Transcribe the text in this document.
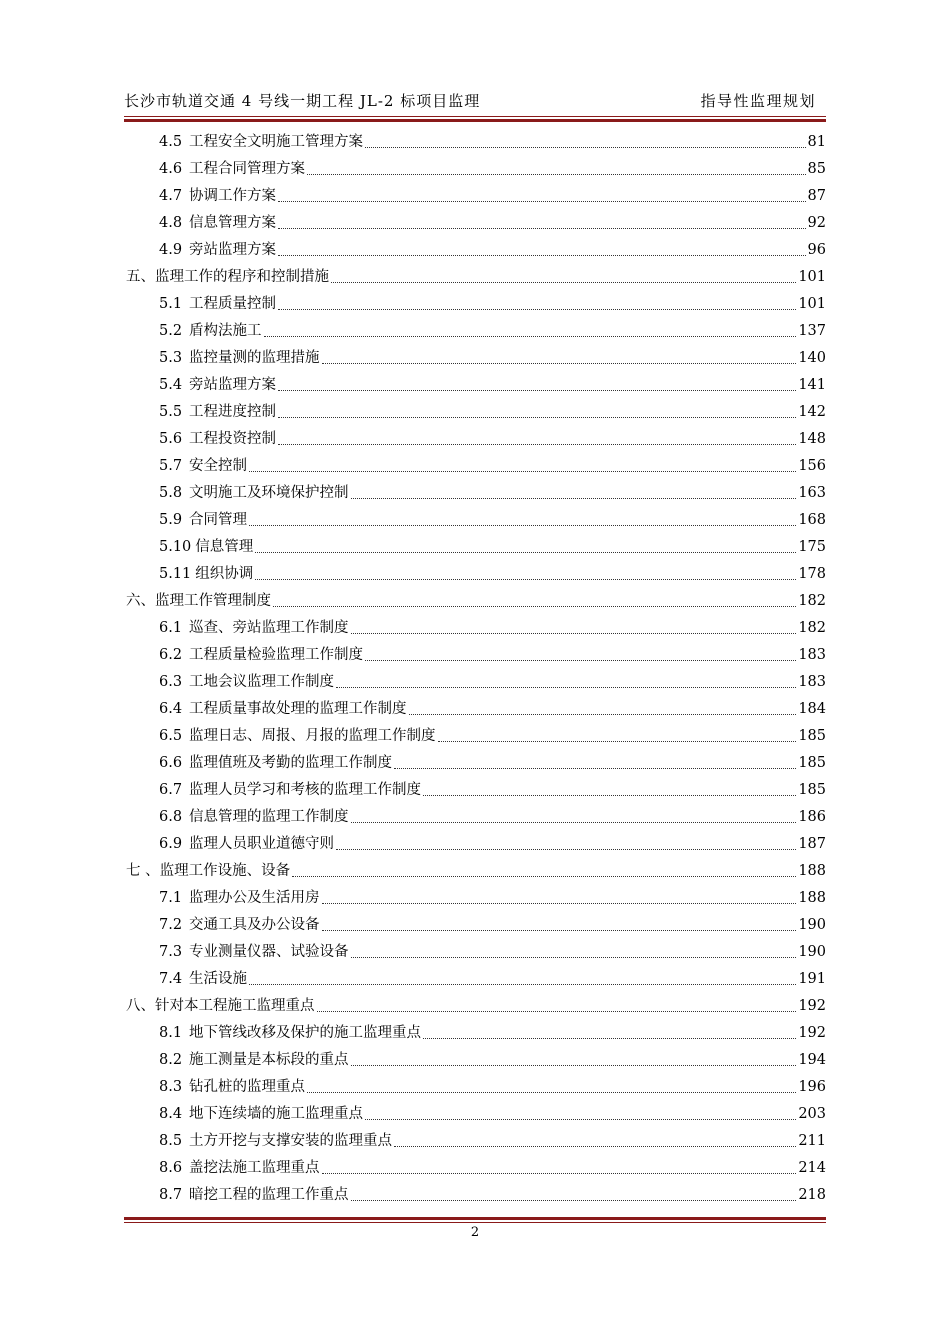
长沙市轨道交通 4 号线一期工程 JL-2 标项目监理	指导性监理规划
4.5 工程安全文明施工管理方案	81
4.6 工程合同管理方案	85
4.7 协调工作方案	87
4.8 信息管理方案	92
4.9 旁站监理方案	96
五、 监理工作的程序和控制措施	101
5.1 工程质量控制	101
5.2 盾构法施工	137
5.3 监控量测的监理措施	140
5.4 旁站监理方案	141
5.5 工程进度控制	142
5.6 工程投资控制	148
5.7 安全控制	156
5.8 文明施工及环境保护控制	163
5.9 合同管理	168
5.10 信息管理	175
5.11 组织协调	178
六、 监理工作管理制度	182
6.1 巡查、旁站监理工作制度	182
6.2 工程质量检验监理工作制度	183
6.3 工地会议监理工作制度	183
6.4 工程质量事故处理的监理工作制度	184
6.5 监理日志、周报、月报的监理工作制度	185
6.6 监理值班及考勤的监理工作制度	185
6.7 监理人员学习和考核的监理工作制度	185
6.8 信息管理的监理工作制度	186
6.9 监理人员职业道德守则	187
七 、 监理工作设施、设备	188
7.1 监理办公及生活用房	188
7.2 交通工具及办公设备	190
7.3 专业测量仪器、试验设备	190
7.4 生活设施	191
八、 针对本工程施工监理重点	192
8.1 地下管线改移及保护的施工监理重点	192
8.2 施工测量是本标段的重点	194
8.3 钻孔桩的监理重点	196
8.4 地下连续墙的施工监理重点	203
8.5 土方开挖与支撑安装的监理重点	211
8.6 盖挖法施工监理重点	214
8.7 暗挖工程的监理工作重点	218
2
